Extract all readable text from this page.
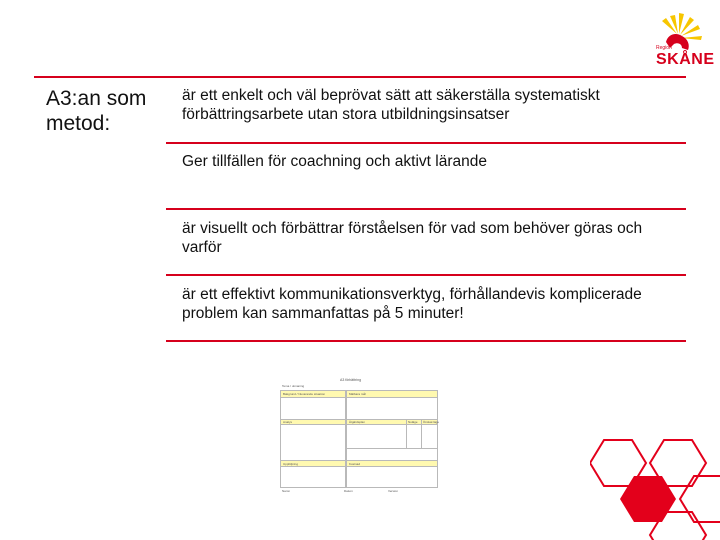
SKÅNE
Region
A3:an som metod:
är ett enkelt och väl beprövat sätt att säkerställa systematiskt förbättringsarbete utan stora utbildningsinsatser
Ger tillfällen för coachning och aktivt lärande
är visuellt och förbättrar förståelsen för vad som behöver göras och varför
är ett effektivt kommunikationsverktyg, förhållandevis komplicerade problem kan sammanfattas på 5 minuter!
A3 förbättring
Tema / utmaning
Bakgrund / Nuvarande situation
Analys
Uppföljning
Mätbara mål
Åtgärdsplan	Nuläge Önskat läge
Kostnad
Namn	Datum	Version
